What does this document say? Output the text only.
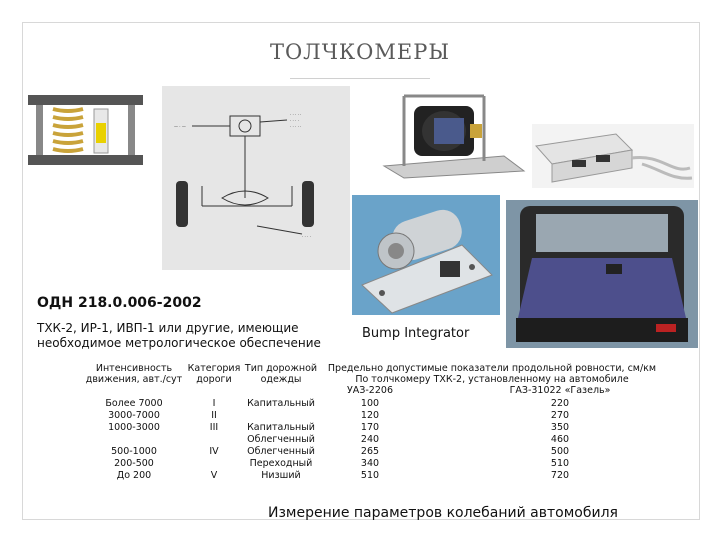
ТОЛЧКОМЕРЫ
— · —
· · · · ·
· · · ·
· · · · ·
· · · ·
ОДН 218.0.006-2002
ТХК-2, ИР-1, ИВП-1 или другие, имеющие
необходимое метрологическое обеспечение
Bump Integrator
Интенсивность
движения, авт./сут
Категория
дороги
Тип дорожной
одежды
Предельно допустимые показатели продольной ровности, см/км
По толчкомеру ТХК-2, установленному на автомобиле
УАЗ-2206	ГАЗ-31022 «Газель»
Более 7000
3000-7000
1000-3000
500-1000
200-500
До 200
I
II
III
IV
V
Капитальный
Капитальный
Облегченный
Облегченный
Переходный
Низший
100
120
170
240
265
340
510
220
270
350
460
500
510
720
Измерение параметров колебаний автомобиля
